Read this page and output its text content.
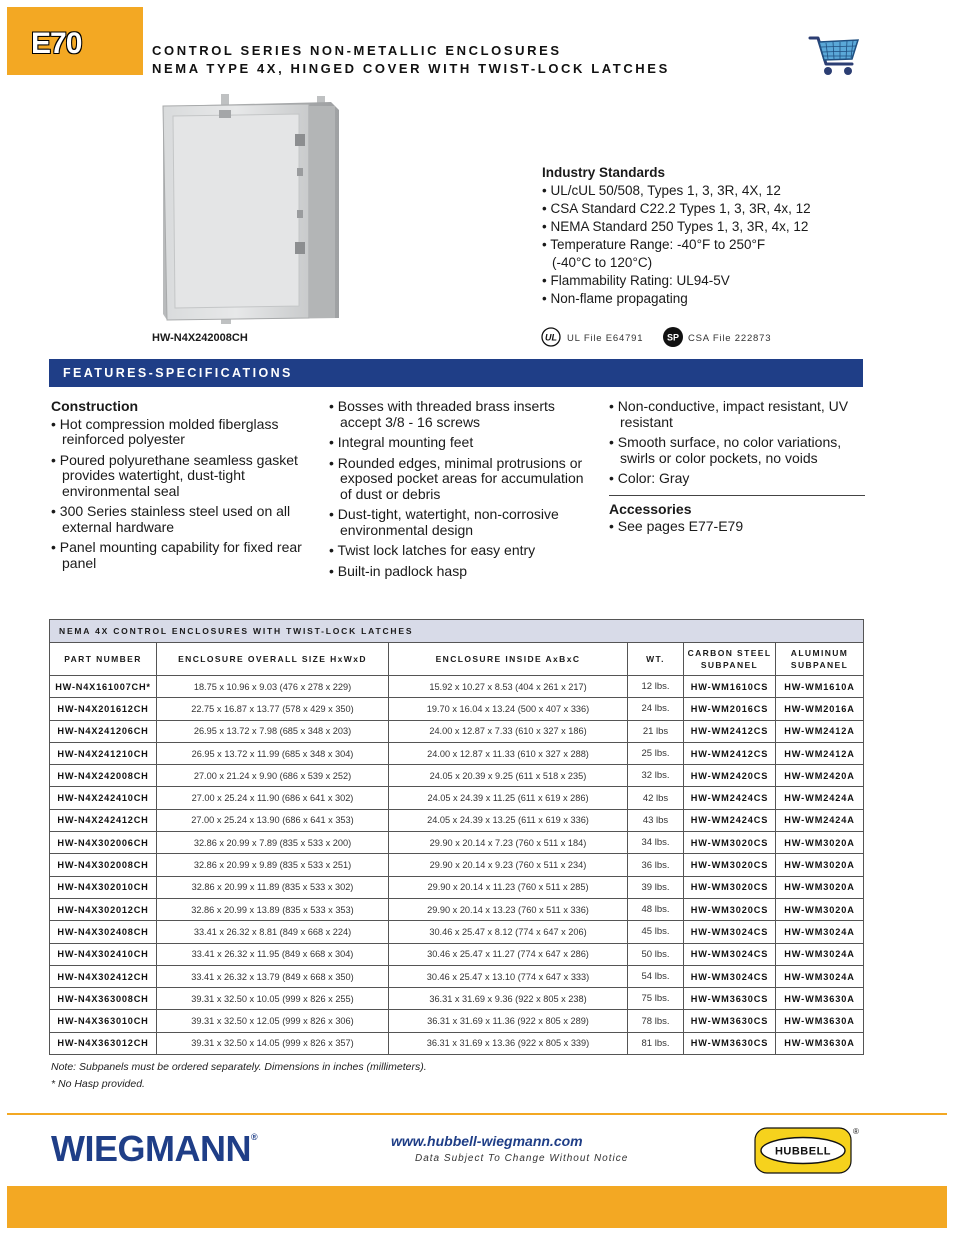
E70	CONTROL SERIES NON-METALLIC ENCLOSURES
NEMA TYPE 4X, HINGED COVER WITH TWIST-LOCK LATCHES
HW-N4X242008CH
Industry Standards
• UL/cUL 50/508, Types 1, 3, 3R, 4X, 12
• CSA Standard C22.2 Types 1, 3, 3R, 4x, 12
• NEMA Standard 250 Types 1, 3, 3R, 4x, 12
• Temperature Range: -40°F to 250°F
(-40°C to 120°C)
• Flammability Rating: UL94-5V
• Non-flame propagating
UL UL File E64791	SP CSA File 222873
FEATURES-SPECIFICATIONS
Construction
• Hot compression molded fiberglass reinforced polyester
• Poured polyurethane seamless gasket provides watertight, dust-tight environmental seal
• 300 Series stainless steel used on all external hardware
• Panel mounting capability for fixed rear panel
• Bosses with threaded brass inserts accept 3/8 - 16 screws
• Integral mounting feet
• Rounded edges, minimal protrusions or exposed pocket areas for accumulation of dust or debris
• Dust-tight, watertight, non-corrosive environmental design
• Twist lock latches for easy entry
• Built-in padlock hasp
• Non-conductive, impact resistant, UV resistant
• Smooth surface, no color variations, swirls or color pockets, no voids
• Color: Gray
Accessories
• See pages E77-E79
NEMA 4X CONTROL ENCLOSURES WITH TWIST-LOCK LATCHES					
PART NUMBER	ENCLOSURE OVERALL SIZE HxWxD	ENCLOSURE INSIDE AxBxC	WT.	CARBON STEEL SUBPANEL	ALUMINUM SUBPANEL
HW-N4X161007CH*	18.75 x 10.96 x 9.03 (476 x 278 x 229)	15.92 x 10.27 x 8.53 (404 x 261 x 217)	12 lbs.	HW-WM1610CS	HW-WM1610A
HW-N4X201612CH	22.75 x 16.87 x 13.77 (578 x 429 x 350)	19.70 x 16.04 x 13.24 (500 x 407 x 336)	24 lbs.	HW-WM2016CS	HW-WM2016A
HW-N4X241206CH	26.95 x 13.72 x 7.98 (685 x 348 x 203)	24.00 x 12.87 x 7.33 (610 x 327 x 186)	21 lbs	HW-WM2412CS	HW-WM2412A
HW-N4X241210CH	26.95 x 13.72 x 11.99 (685 x 348 x 304)	24.00 x 12.87 x 11.33 (610 x 327 x 288)	25 lbs.	HW-WM2412CS	HW-WM2412A
HW-N4X242008CH	27.00 x 21.24 x 9.90 (686 x 539 x 252)	24.05 x 20.39 x 9.25 (611 x 518 x 235)	32 lbs.	HW-WM2420CS	HW-WM2420A
HW-N4X242410CH	27.00 x 25.24 x 11.90 (686 x 641 x 302)	24.05 x 24.39 x 11.25 (611 x 619 x 286)	42 lbs	HW-WM2424CS	HW-WM2424A
HW-N4X242412CH	27.00 x 25.24 x 13.90 (686 x 641 x 353)	24.05 x 24.39 x 13.25 (611 x 619 x 336)	43 lbs	HW-WM2424CS	HW-WM2424A
HW-N4X302006CH	32.86 x 20.99 x 7.89 (835 x 533 x 200)	29.90 x 20.14 x 7.23 (760 x 511 x 184)	34 lbs.	HW-WM3020CS	HW-WM3020A
HW-N4X302008CH	32.86 x 20.99 x 9.89 (835 x 533 x 251)	29.90 x 20.14 x 9.23 (760 x 511 x 234)	36 lbs.	HW-WM3020CS	HW-WM3020A
HW-N4X302010CH	32.86 x 20.99 x 11.89 (835 x 533 x 302)	29.90 x 20.14 x 11.23 (760 x 511 x 285)	39 lbs.	HW-WM3020CS	HW-WM3020A
HW-N4X302012CH	32.86 x 20.99 x 13.89 (835 x 533 x 353)	29.90 x 20.14 x 13.23 (760 x 511 x 336)	48 lbs.	HW-WM3020CS	HW-WM3020A
HW-N4X302408CH	33.41 x 26.32 x 8.81 (849 x 668 x 224)	30.46 x 25.47 x 8.12 (774 x 647 x 206)	45 lbs.	HW-WM3024CS	HW-WM3024A
HW-N4X302410CH	33.41 x 26.32 x 11.95 (849 x 668 x 304)	30.46 x 25.47 x 11.27 (774 x 647 x 286)	50 lbs.	HW-WM3024CS	HW-WM3024A
HW-N4X302412CH	33.41 x 26.32 x 13.79 (849 x 668 x 350)	30.46 x 25.47 x 13.10 (774 x 647 x 333)	54 lbs.	HW-WM3024CS	HW-WM3024A
HW-N4X363008CH	39.31 x 32.50 x 10.05 (999 x 826 x 255)	36.31 x 31.69 x 9.36 (922 x 805 x 238)	75 lbs.	HW-WM3630CS	HW-WM3630A
HW-N4X363010CH	39.31 x 32.50 x 12.05 (999 x 826 x 306)	36.31 x 31.69 x 11.36 (922 x 805 x 289)	78 lbs.	HW-WM3630CS	HW-WM3630A
HW-N4X363012CH	39.31 x 32.50 x 14.05 (999 x 826 x 357)	36.31 x 31.69 x 13.36 (922 x 805 x 339)	81 lbs.	HW-WM3630CS	HW-WM3630A
Note: Subpanels must be ordered separately. Dimensions in inches (millimeters).
* No Hasp provided.
WIEGMANN®	www.hubbell-wiegmann.com
Data Subject To Change Without Notice
HUBBELL
®
